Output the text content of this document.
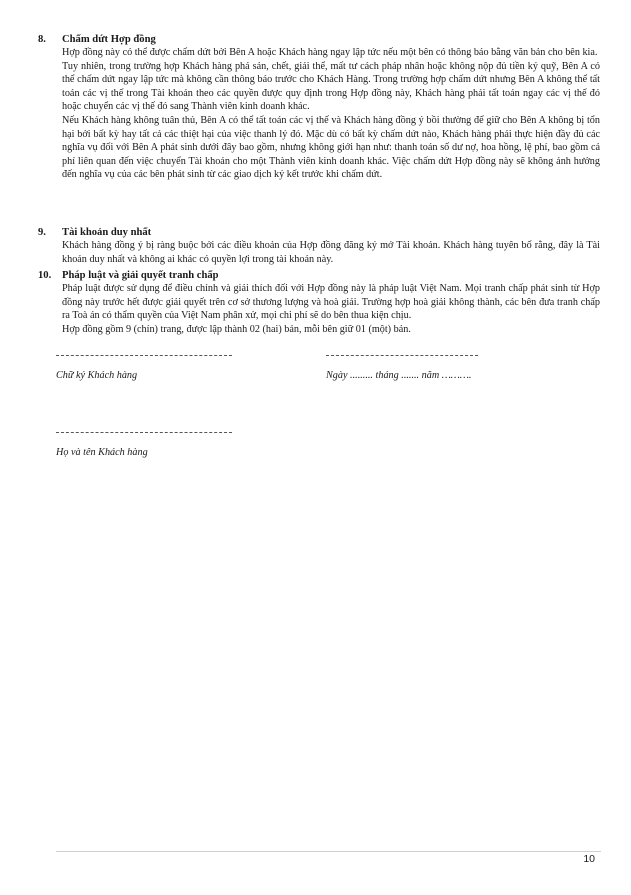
8.	Chấm dứt Hợp đồng

Hợp đồng này có thể được chấm dứt bởi Bên A hoặc Khách hàng ngay lập tức nếu một bên có thông báo bằng văn bản cho bên kia.

Tuy nhiên, trong trường hợp Khách hàng phá sản, chết, giải thể, mất tư cách pháp nhân hoặc không nộp đủ tiền ký quỹ, Bên A có thể chấm dứt ngay lập tức mà không cần thông báo trước cho Khách Hàng. Trong trường hợp chấm dứt nhưng Bên A không thể tất toán các vị thế trong Tài khoản theo các quyền được quy định trong Hợp đồng này, Khách hàng phải tất toán ngay các vị thế đó hoặc chuyển các vị thế đó sang Thành viên kinh doanh khác.

Nếu Khách hàng không tuân thủ, Bên A có thể tất toán các vị thế và Khách hàng đồng ý bồi thường để giữ cho Bên A không bị tổn hại bởi bất kỳ hay tất cả các thiệt hại của việc thanh lý đó. Mặc dù có bất kỳ chấm dứt nào, Khách hàng phải thực hiện đầy đủ các nghĩa vụ đối với Bên A phát sinh dưới đây bao gồm, nhưng không giới hạn như: thanh toán số dư nợ, hoa hồng, lệ phí, bao gồm cả phí liên quan đến việc chuyển Tài khoản cho một Thành viên kinh doanh khác. Việc chấm dứt Hợp đồng này sẽ không ảnh hưởng đến nghĩa vụ của các bên phát sinh từ các giao dịch ký kết trước khi chấm dứt.

9.	Tài khoản duy nhất

Khách hàng đồng ý bị ràng buộc bởi các điều khoản của Hợp đồng đăng ký mở Tài khoản. Khách hàng tuyên bố rằng, đây là Tài khoản duy nhất và không ai khác có quyền lợi trong tài khoản này.

10.	Pháp luật và giải quyết tranh chấp

Pháp luật được sử dụng để điều chỉnh và giải thích đối với Hợp đồng này là pháp luật Việt Nam. Mọi tranh chấp phát sinh từ Hợp đồng này trước hết được giải quyết trên cơ sở thương lượng và hoà giải. Trường hợp hoà giải không thành, các bên đưa tranh chấp ra Toà án có thẩm quyền của Việt Nam phân xử, mọi chi phí sẽ do bên thua kiện chịu.

Hợp đồng gồm 9 (chín) trang, được lập thành 02 (hai) bản, mỗi bên giữ 01 (một) bản.

Chữ ký Khách hàng	Ngày ......... tháng ....... năm ……….
Họ và tên Khách hàng
10
